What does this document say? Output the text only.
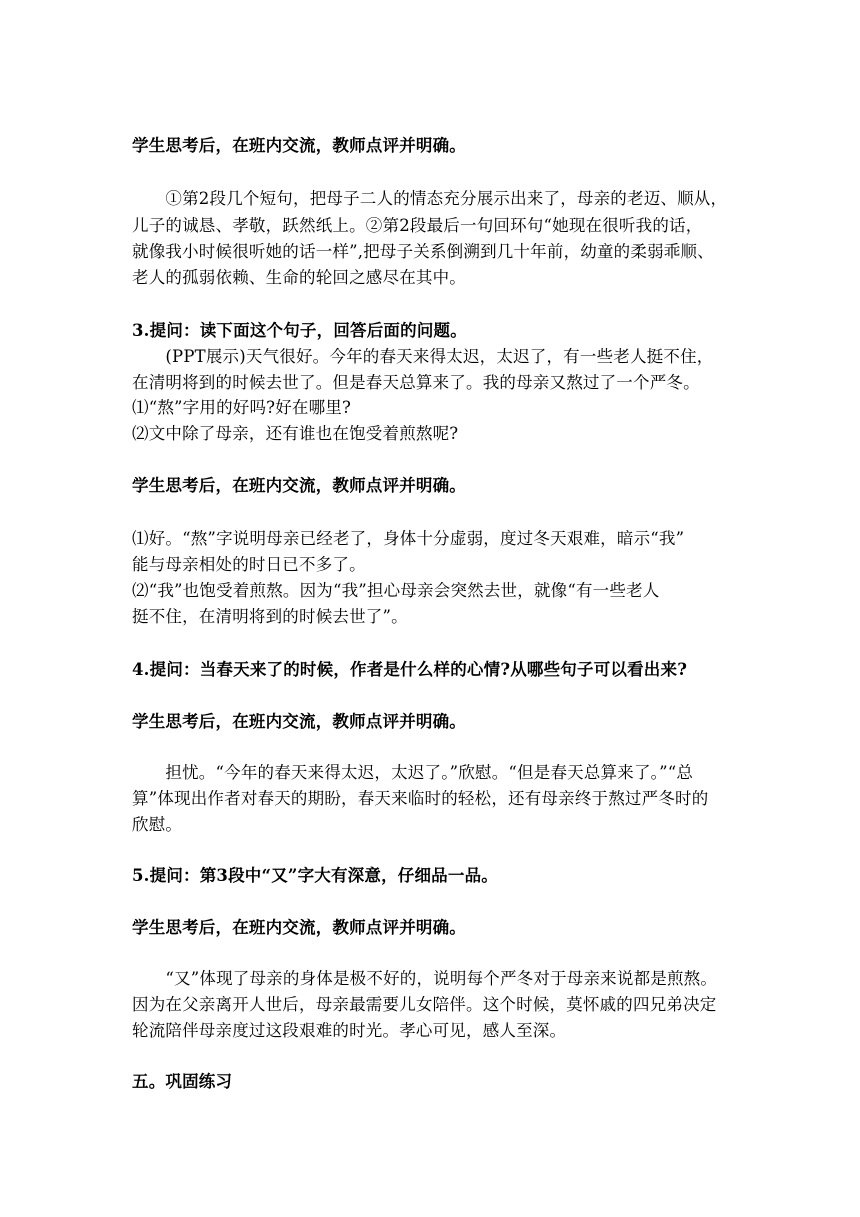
学生思考后，在班内交流，教师点评并明确。
　　①第2段几个短句，把母子二人的情态充分展示出来了，母亲的老迈、顺从，
儿子的诚恳、孝敬，跃然纸上。②第2段最后一句回环句“她现在很听我的话，
就像我小时候很听她的话一样”,把母子关系倒溯到几十年前，幼童的柔弱乖顺、
老人的孤弱依赖、生命的轮回之感尽在其中。
3.提问：读下面这个句子，回答后面的问题。
　　(PPT展示)天气很好。今年的春天来得太迟，太迟了，有一些老人挺不住，
在清明将到的时候去世了。但是春天总算来了。我的母亲又熬过了一个严冬。
⑴“熬”字用的好吗?好在哪里?
⑵文中除了母亲，还有谁也在饱受着煎熬呢?
学生思考后，在班内交流，教师点评并明确。
⑴好。“熬”字说明母亲已经老了，身体十分虚弱，度过冬天艰难，暗示“我”
能与母亲相处的时日已不多了。
⑵“我”也饱受着煎熬。因为“我”担心母亲会突然去世，就像“有一些老人
挺不住，在清明将到的时候去世了”。
4.提问：当春天来了的时候，作者是什么样的心情?从哪些句子可以看出来?
学生思考后，在班内交流，教师点评并明确。
　　担忧。“今年的春天来得太迟，太迟了。”欣慰。“但是春天总算来了。”“总
算”体现出作者对春天的期盼，春天来临时的轻松，还有母亲终于熬过严冬时的
欣慰。
5.提问：第3段中“又”字大有深意，仔细品一品。
学生思考后，在班内交流，教师点评并明确。
　　“又”体现了母亲的身体是极不好的，说明每个严冬对于母亲来说都是煎熬。
因为在父亲离开人世后，母亲最需要儿女陪伴。这个时候，莫怀戚的四兄弟决定
轮流陪伴母亲度过这段艰难的时光。孝心可见，感人至深。
五。巩固练习
